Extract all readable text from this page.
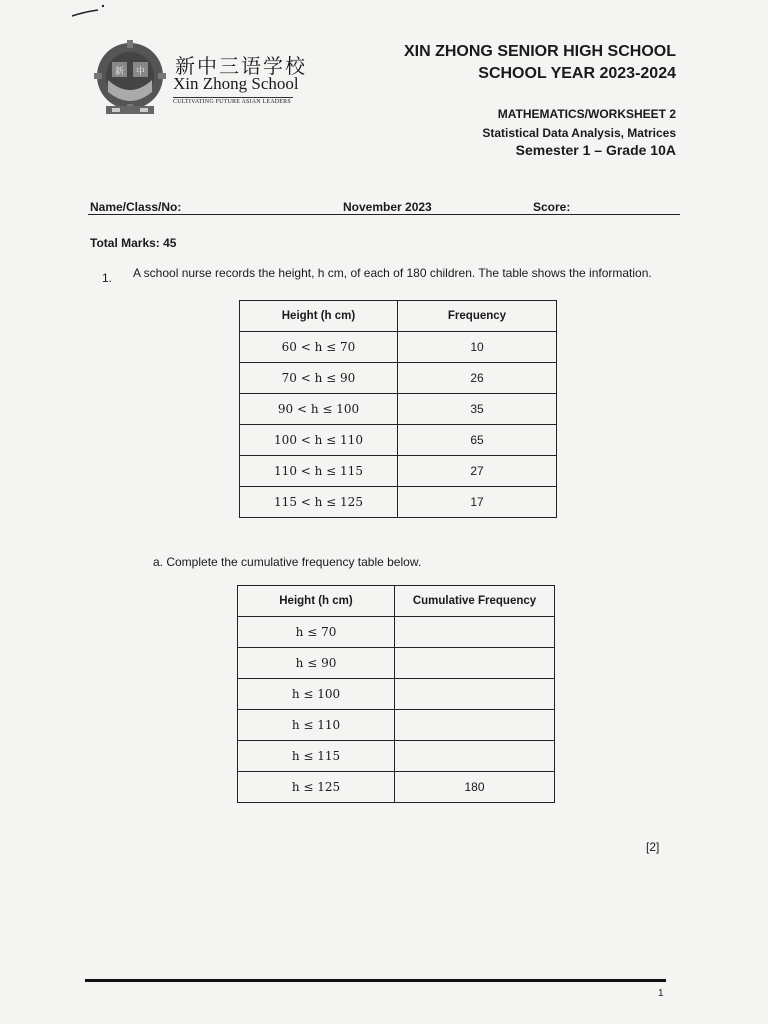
新 中 新中三语学校
Xin Zhong School
CULTIVATING FUTURE ASIAN LEADERS
XIN ZHONG SENIOR HIGH SCHOOL
SCHOOL YEAR 2023-2024
MATHEMATICS/WORKSHEET 2
Statistical Data Analysis, Matrices
Semester 1 – Grade 10A
Name/Class/No:	November 2023	Score:
Total Marks: 45
1. A school nurse records the height, h cm, of each of 180 children. The table shows the information.
Height (h cm)	Frequency
60 < h ≤ 70	10
70 < h ≤ 90	26
90 < h ≤ 100	35
100 < h ≤ 110	65
110 < h ≤ 115	27
115 < h ≤ 125	17
a. Complete the cumulative frequency table below.
Height (h cm)	Cumulative Frequency
h ≤ 70	
h ≤ 90	
h ≤ 100	
h ≤ 110	
h ≤ 115	
h ≤ 125	180
[2]
1
